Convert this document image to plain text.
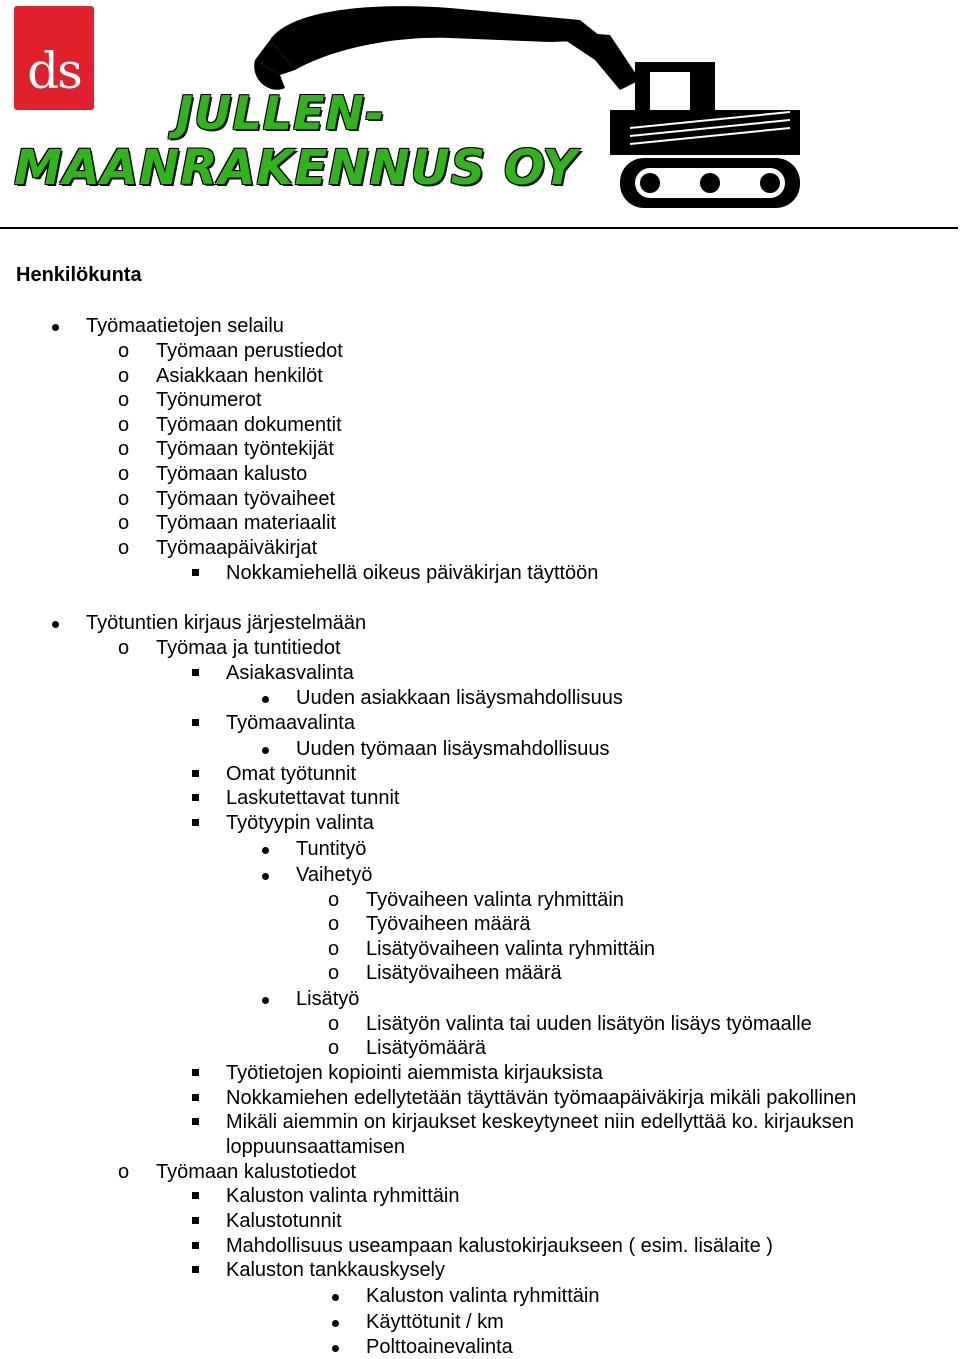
ds
JULLEN-
MAANRAKENNUS OY
Henkilökunta
Työmaatietojen selailu
o Työmaan perustiedot
o Asiakkaan henkilöt
o Työnumerot
o Työmaan dokumentit
o Työmaan työntekijät
o Työmaan kalusto
o Työmaan työvaiheet
o Työmaan materiaalit
o Työmaapäiväkirjat
Nokkamiehellä oikeus päiväkirjan täyttöön
Työtuntien kirjaus järjestelmään
o Työmaa ja tuntitiedot
Asiakasvalinta
Uuden asiakkaan lisäysmahdollisuus
Työmaavalinta
Uuden työmaan lisäysmahdollisuus
Omat työtunnit
Laskutettavat tunnit
Työtyypin valinta
Tuntityö
Vaihetyö
o Työvaiheen valinta ryhmittäin
o Työvaiheen määrä
o Lisätyövaiheen valinta ryhmittäin
o Lisätyövaiheen määrä
Lisätyö
o Lisätyön valinta tai uuden lisätyön lisäys työmaalle
o Lisätyömäärä
Työtietojen kopiointi aiemmista kirjauksista
Nokkamiehen edellytetään täyttävän työmaapäiväkirja mikäli pakollinen
Mikäli aiemmin on kirjaukset keskeytyneet niin edellyttää ko. kirjauksen
loppuunsaattamisen
o Työmaan kalustotiedot
Kaluston valinta ryhmittäin
Kalustotunnit
Mahdollisuus useampaan kalustokirjaukseen ( esim. lisälaite )
Kaluston tankkauskysely
Kaluston valinta ryhmittäin
Käyttötunit / km
Polttoainevalinta
